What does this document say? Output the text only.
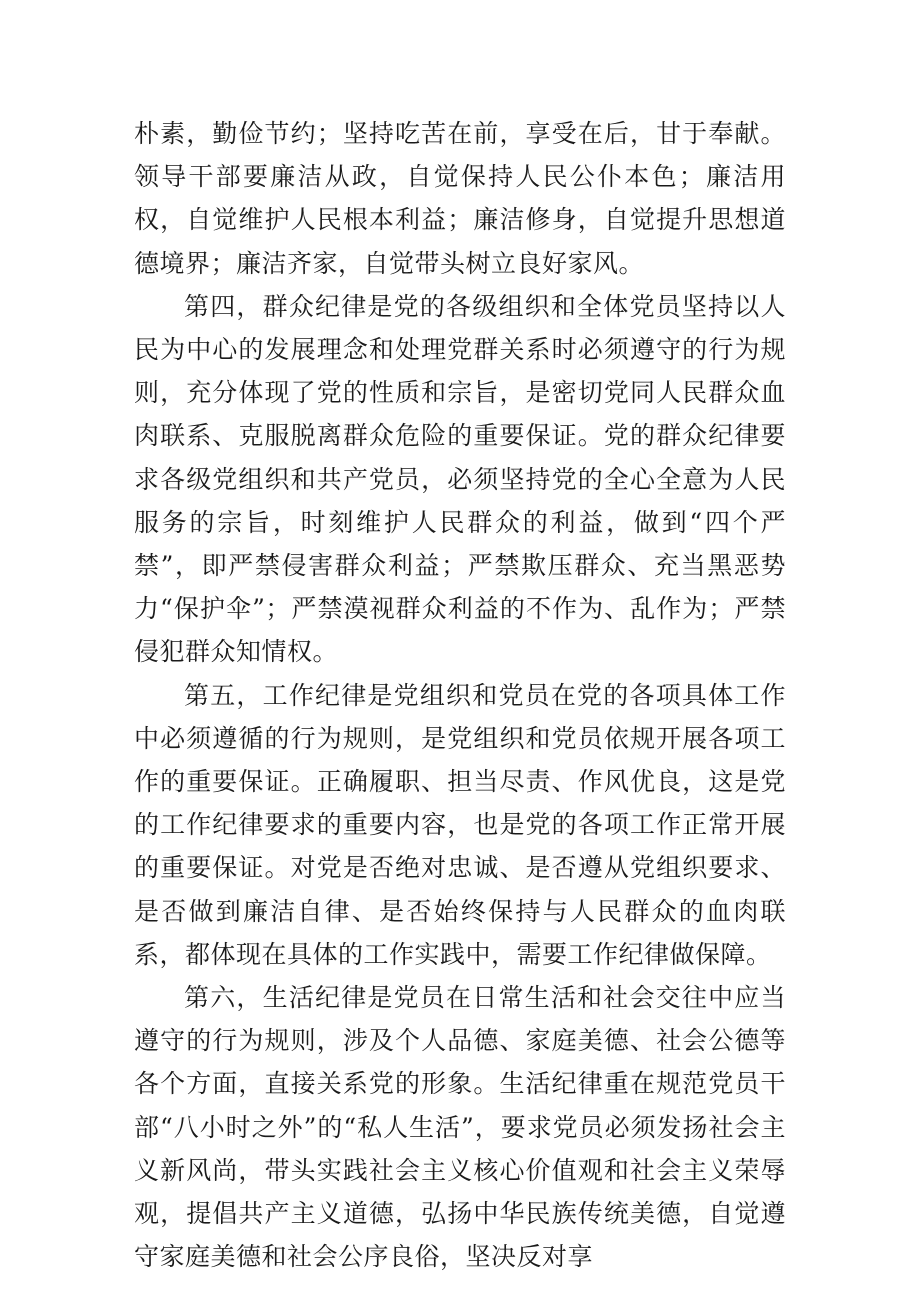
朴素，勤俭节约；坚持吃苦在前，享受在后，甘于奉献。领导干部要廉洁从政，自觉保持人民公仆本色；廉洁用权，自觉维护人民根本利益；廉洁修身，自觉提升思想道德境界；廉洁齐家，自觉带头树立良好家风。

第四，群众纪律是党的各级组织和全体党员坚持以人民为中心的发展理念和处理党群关系时必须遵守的行为规则，充分体现了党的性质和宗旨，是密切党同人民群众血肉联系、克服脱离群众危险的重要保证。党的群众纪律要求各级党组织和共产党员，必须坚持党的全心全意为人民服务的宗旨，时刻维护人民群众的利益，做到“四个严禁”，即严禁侵害群众利益；严禁欺压群众、充当黑恶势力“保护伞”；严禁漠视群众利益的不作为、乱作为；严禁侵犯群众知情权。

第五，工作纪律是党组织和党员在党的各项具体工作中必须遵循的行为规则，是党组织和党员依规开展各项工作的重要保证。正确履职、担当尽责、作风优良，这是党的工作纪律要求的重要内容，也是党的各项工作正常开展的重要保证。对党是否绝对忠诚、是否遵从党组织要求、是否做到廉洁自律、是否始终保持与人民群众的血肉联系，都体现在具体的工作实践中，需要工作纪律做保障。

第六，生活纪律是党员在日常生活和社会交往中应当遵守的行为规则，涉及个人品德、家庭美德、社会公德等各个方面，直接关系党的形象。生活纪律重在规范党员干部“八小时之外”的“私人生活”，要求党员必须发扬社会主义新风尚，带头实践社会主义核心价值观和社会主义荣辱观，提倡共产主义道德，弘扬中华民族传统美德，自觉遵守家庭美德和社会公序良俗，坚决反对享
